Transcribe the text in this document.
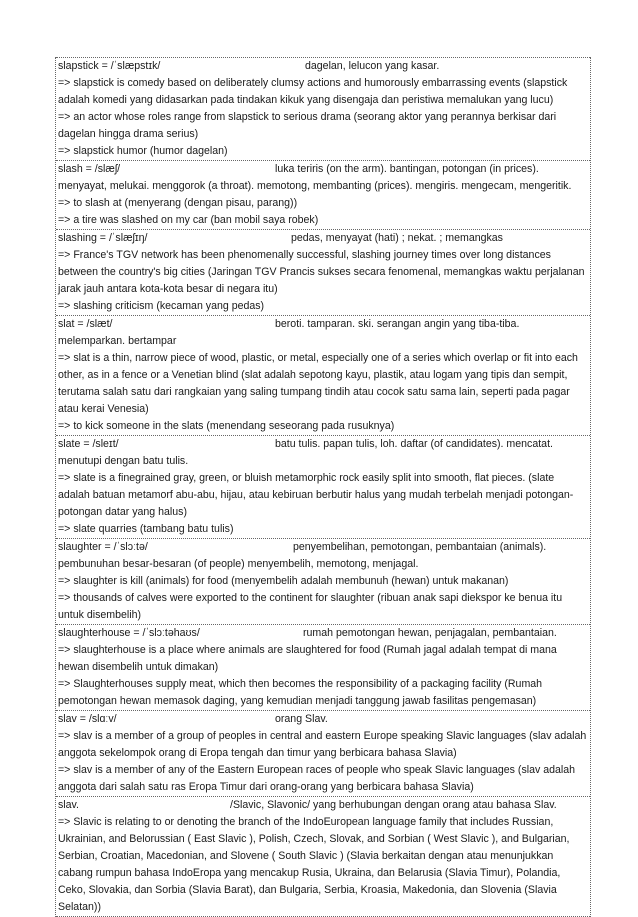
slapstick = /ˈslæpstɪk/	dagelan, lelucon yang kasar.
=> slapstick is comedy based on deliberately clumsy actions and humorously embarrassing events (slapstick adalah komedi yang didasarkan pada tindakan kikuk yang disengaja dan peristiwa memalukan yang lucu)
=> an actor whose roles range from slapstick to serious drama (seorang aktor yang perannya berkisar dari dagelan hingga drama serius)
=> slapstick humor (humor dagelan)
slash = /slæʃ/	luka teriris (on the arm). bantingan, potongan (in prices).
menyayat, melukai. menggorok (a throat). memotong, membanting (prices). mengiris. mengecam, mengeritik.
=> to slash at (menyerang (dengan pisau, parang))
=> a tire was slashed on my car (ban mobil saya robek)
slashing = /ˈslæʃɪŋ/	pedas, menyayat (hati) ; nekat. ; memangkas
=> France's TGV network has been phenomenally successful, slashing journey times over long distances between the country's big cities (Jaringan TGV Prancis sukses secara fenomenal, memangkas waktu perjalanan jarak jauh antara kota-kota besar di negara itu)
=> slashing criticism (kecaman yang pedas)
slat = /slæt/	beroti. tamparan. ski. serangan angin yang tiba-tiba.
melemparkan. bertampar
=> slat is a thin, narrow piece of wood, plastic, or metal, especially one of a series which overlap or fit into each other, as in a fence or a Venetian blind (slat adalah sepotong kayu, plastik, atau logam yang tipis dan sempit, terutama salah satu dari rangkaian yang saling tumpang tindih atau cocok satu sama lain, seperti pada pagar atau kerai Venesia)
=> to kick someone in the slats (menendang seseorang pada rusuknya)
slate = /sleɪt/	batu tulis. papan tulis, loh. daftar (of candidates). mencatat.
menutupi dengan batu tulis.
=> slate is a finegrained gray, green, or bluish metamorphic rock easily split into smooth, flat pieces. (slate adalah batuan metamorf abu-abu, hijau, atau kebiruan berbutir halus yang mudah terbelah menjadi potongan-potongan datar yang halus)
=> slate quarries (tambang batu tulis)
slaughter = /ˈslɔːtə/	penyembelihan, pemotongan, pembantaian (animals).
pembunuhan besar-besaran (of people) menyembelih, memotong, menjagal.
=> slaughter is kill (animals) for food (menyembelih adalah membunuh (hewan) untuk makanan)
=> thousands of calves were exported to the continent for slaughter (ribuan anak sapi diekspor ke benua itu untuk disembelih)
slaughterhouse = /ˈslɔːtəhaʊs/	rumah pemotongan hewan, penjagalan, pembantaian.
=> slaughterhouse is a place where animals are slaughtered for food (Rumah jagal adalah tempat di mana hewan disembelih untuk dimakan)
=> Slaughterhouses supply meat, which then becomes the responsibility of a packaging facility (Rumah pemotongan hewan memasok daging, yang kemudian menjadi tanggung jawab fasilitas pengemasan)
slav = /slɑːv/	orang Slav.
=> slav is a member of a group of peoples in central and eastern Europe speaking Slavic languages (slav adalah anggota sekelompok orang di Eropa tengah dan timur yang berbicara bahasa Slavia)
=> slav is a member of any of the Eastern European races of people who speak Slavic languages (slav adalah anggota dari salah satu ras Eropa Timur dari orang-orang yang berbicara bahasa Slavia)
slav.	/Slavic, Slavonic/ yang berhubungan dengan orang atau bahasa Slav.
=> Slavic is relating to or denoting the branch of the IndoEuropean language family that includes Russian, Ukrainian, and Belorussian ( East Slavic ), Polish, Czech, Slovak, and Sorbian ( West Slavic ), and Bulgarian, Serbian, Croatian, Macedonian, and Slovene ( South Slavic ) (Slavia berkaitan dengan atau menunjukkan cabang rumpun bahasa IndoEropa yang mencakup Rusia, Ukraina, dan Belarusia (Slavia Timur), Polandia, Ceko, Slovakia, dan Sorbia (Slavia Barat), dan Bulgaria, Serbia, Kroasia, Makedonia, dan Slovenia (Slavia Selatan))
